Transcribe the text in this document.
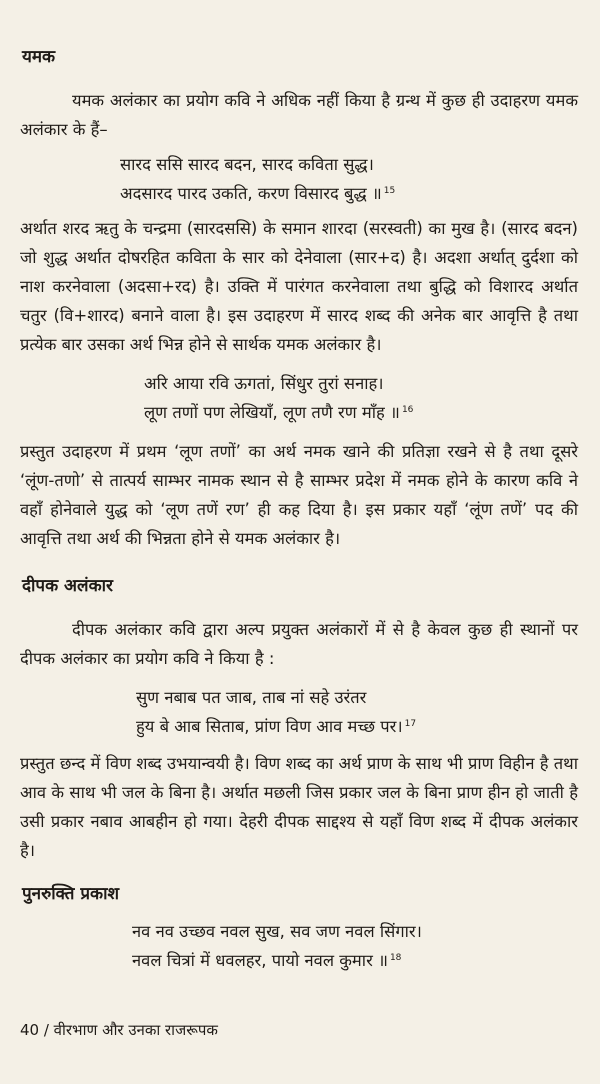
यमक

यमक अलंकार का प्रयोग कवि ने अधिक नहीं किया है ग्रन्थ में कुछ ही उदाहरण यमक अलंकार के हैं–

सारद ससि सारद बदन, सारद कविता सुद्ध।
अदसारद पारद उकति, करण विसारद बुद्ध ॥ $^{15}$

अर्थात शरद ऋतु के चन्द्रमा (सारदससि) के समान शारदा (सरस्वती) का मुख है। (सारद बदन) जो शुद्ध अर्थात दोषरहित कविता के सार को देनेवाला (सार+द) है। अदशा अर्थात् दुर्दशा को नाश करनेवाला (अदसा+रद) है। उक्ति में पारंगत करनेवाला तथा बुद्धि को विशारद अर्थात चतुर (वि+शारद) बनाने वाला है। इस उदाहरण में सारद शब्द की अनेक बार आवृत्ति है तथा प्रत्येक बार उसका अर्थ भिन्न होने से सार्थक यमक अलंकार है।

अरि आया रवि ऊगतां, सिंधुर तुरां सनाह।
लूण तणों पण लेखियाँ, लूण तणै रण माँह ॥ $^{16}$

प्रस्तुत उदाहरण में प्रथम ‘लूण तणों’ का अर्थ नमक खाने की प्रतिज्ञा रखने से है तथा दूसरे ‘लूंण-तणो’ से तात्पर्य साम्भर नामक स्थान से है साम्भर प्रदेश में नमक होने के कारण कवि ने वहाँ होनेवाले युद्ध को ‘लूण तणें रण’ ही कह दिया है। इस प्रकार यहाँ ‘लूंण तणें’ पद की आवृत्ति तथा अर्थ की भिन्नता होने से यमक अलंकार है।

दीपक अलंकार

दीपक अलंकार कवि द्वारा अल्प प्रयुक्त अलंकारों में से है केवल कुछ ही स्थानों पर दीपक अलंकार का प्रयोग कवि ने किया है :

सुण नबाब पत जाब, ताब नां सहे उरंतर
हुय बे आब सिताब, प्रांण विण आव मच्छ पर। $^{17}$

प्रस्तुत छन्द में विण शब्द उभयान्वयी है। विण शब्द का अर्थ प्राण के साथ भी प्राण विहीन है तथा आव के साथ भी जल के बिना है। अर्थात मछली जिस प्रकार जल के बिना प्राण हीन हो जाती है उसी प्रकार नबाव आबहीन हो गया। देहरी दीपक साद्दश्य से यहाँ विण शब्द में दीपक अलंकार है।

पुनरुक्ति प्रकाश
नव नव उच्छव नवल सुख, सव जण नवल सिंगार।
नवल चित्रां में धवलहर, पायो नवल कुमार ॥ $^{18}$
40 / वीरभाण और उनका राजरूपक
